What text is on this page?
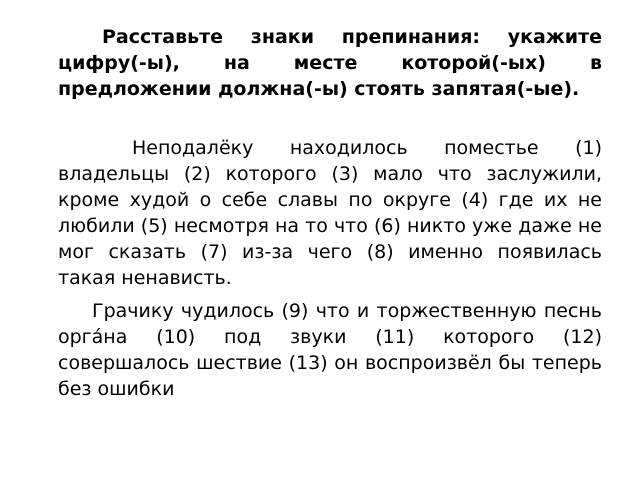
Расставьте знаки препинания: укажите цифру(-ы), на месте которой(-ых) в предложении должна(-ы) стоять запятая(-ые).

Неподалёку находилось поместье (1) владельцы (2) которого (3) мало что заслужили, кроме худой о себе славы по округе (4) где их не любили (5) несмотря на то что (6) никто уже даже не мог сказать (7) из-за чего (8) именно появилась такая ненависть.

Грачику чудилось (9) что и торжественную песнь орга́на (10) под звуки (11) которого (12) совершалось шествие (13) он воспроизвёл бы теперь без ошибки
